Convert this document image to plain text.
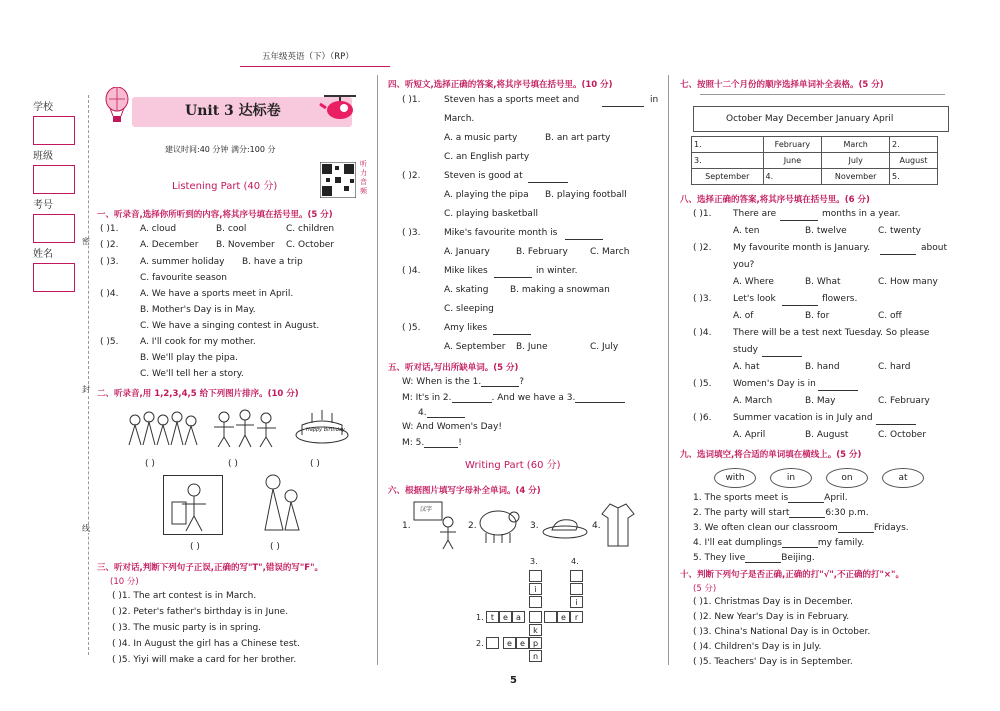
五年级英语（下）（RP）
学校
班级
考号
姓名
密
封
线
Unit 3 达标卷
建议时间:40 分钟 满分:100 分
听力音频
Listening Part (40 分)
一、听录音,选择你所听到的内容,将其序号填在括号里。(5 分)
( )1. A. cloud	B. cool	C. children
( )2. A. December B. November C. October
( )3. A. summer holiday B. have a trip
C. favourite season
( )4. A. We have a sports meet in April.
B. Mother's Day is in May.
C. We have a singing contest in August.
( )5. A. I'll cook for my mother.
B. We'll play the pipa.
C. We'll tell her a story.
二、听录音,用 1,2,3,4,5 给下列图片排序。(10 分)
Happy Birthday
( )	( )	( )
( )	( )
三、听对话,判断下列句子正误,正确的写"T",错误的写"F"。
(10 分)
( )1. The art contest is in March.
( )2. Peter's father's birthday is in June.
( )3. The music party is in spring.
( )4. In August the girl has a Chinese test.
( )5. Yiyi will make a card for her brother.
四、听短文,选择正确的答案,将其序号填在括号里。(10 分)
( )1.	Steven has a sports meet and	in
March.
A. a music party	B. an art party
C. an English party
( )2.	Steven is good at
A. playing the pipa B. playing football
C. playing basketball
( )3.	Mike's favourite month is
A. January	B. February C. March
( )4.	Mike likes	in winter.
A. skating B. making a snowman
C. sleeping
( )5.	Amy likes
A. September B. June	C. July
五、听对话,写出所缺单词。(5 分)
W: When is the 1.	?
M: It's in 2.	. And we have a 3.
4.
W: And Women's Day!
M: 5.	!
Writing Part (60 分)
六、根据图片填写字母补全单词。(4 分)
1.
汉字
2.	3.	4.
3.	4.
1.
2.
i
k
n
i
t	e	a	e	r
e	e	p
5
七、按照十二个月份的顺序选择单词补全表格。(5 分)
October May December January April
1.	February	March	2.
3.	June	July	August
September	4.	November	5.
八、选择正确的答案,将其序号填在括号里。(6 分)
( )1. There are	months in a year.
A. ten	B. twelve	C. twenty
( )2. My favourite month is January.	about
you?
A. Where	B. What	C. How many
( )3. Let's look	flowers.
A. of	B. for	C. off
( )4. There will be a test next Tuesday. So please
study
A. hat	B. hand	C. hard
( )5. Women's Day is in
A. March	B. May	C. February
( )6. Summer vacation is in July and
A. April	B. August	C. October
九、选词填空,将合适的单词填在横线上。(5 分)
with	in	on	at
1. The sports meet is	April.
2. The party will start	6:30 p.m.
3. We often clean our classroom	Fridays.
4. I'll eat dumplings	my family.
5. They live	Beijing.
十、判断下列句子是否正确,正确的打"√",不正确的打"×"。
(5 分)
( )1. Christmas Day is in December.
( )2. New Year's Day is in February.
( )3. China's National Day is in October.
( )4. Children's Day is in July.
( )5. Teachers' Day is in September.
